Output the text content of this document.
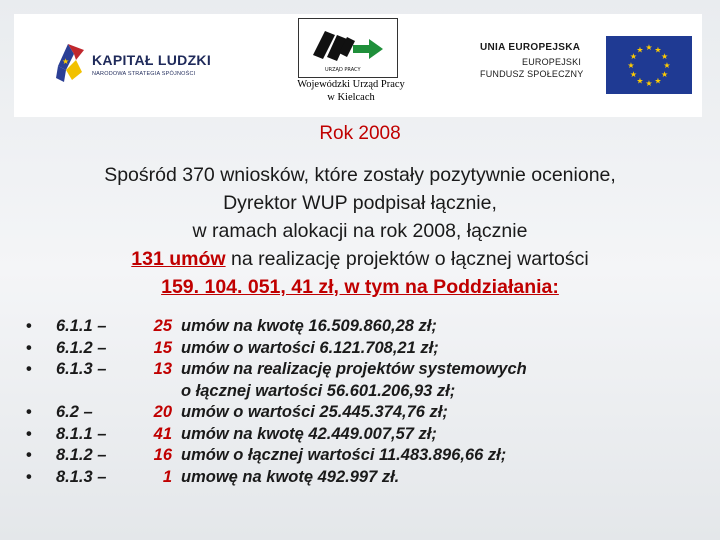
★ KAPITAŁ LUDZKI
NARODOWA STRATEGIA SPÓJNOŚCI
URZĄD PRACY
Wojewódzki Urząd Pracy
w Kielcach
UNIA EUROPEJSKA
EUROPEJSKI
FUNDUSZ SPOŁECZNY
★ ★
★
★
★
★
★
★
★
★
★
★
Rok 2008
Spośród 370 wniosków, które zostały pozytywnie ocenione,
Dyrektor WUP podpisał łącznie,
w ramach alokacji na rok 2008, łącznie
131 umów na realizację projektów o łącznej wartości
159. 104. 051, 41 zł, w tym na Poddziałania:
• 6.1.1 –	25 umów na kwotę 16.509.860,28 zł;
• 6.1.2 –	15 umów o wartości 6.121.708,21 zł;
• 6.1.3 –	13 umów na realizację projektów systemowych
o łącznej wartości 56.601.206,93 zł;
• 6.2 –	20 umów o wartości 25.445.374,76 zł;
• 8.1.1 –	41 umów na kwotę 42.449.007,57 zł;
• 8.1.2 –	16 umów o łącznej wartości 11.483.896,66 zł;
• 8.1.3 –	1 umowę na kwotę 492.997 zł.
